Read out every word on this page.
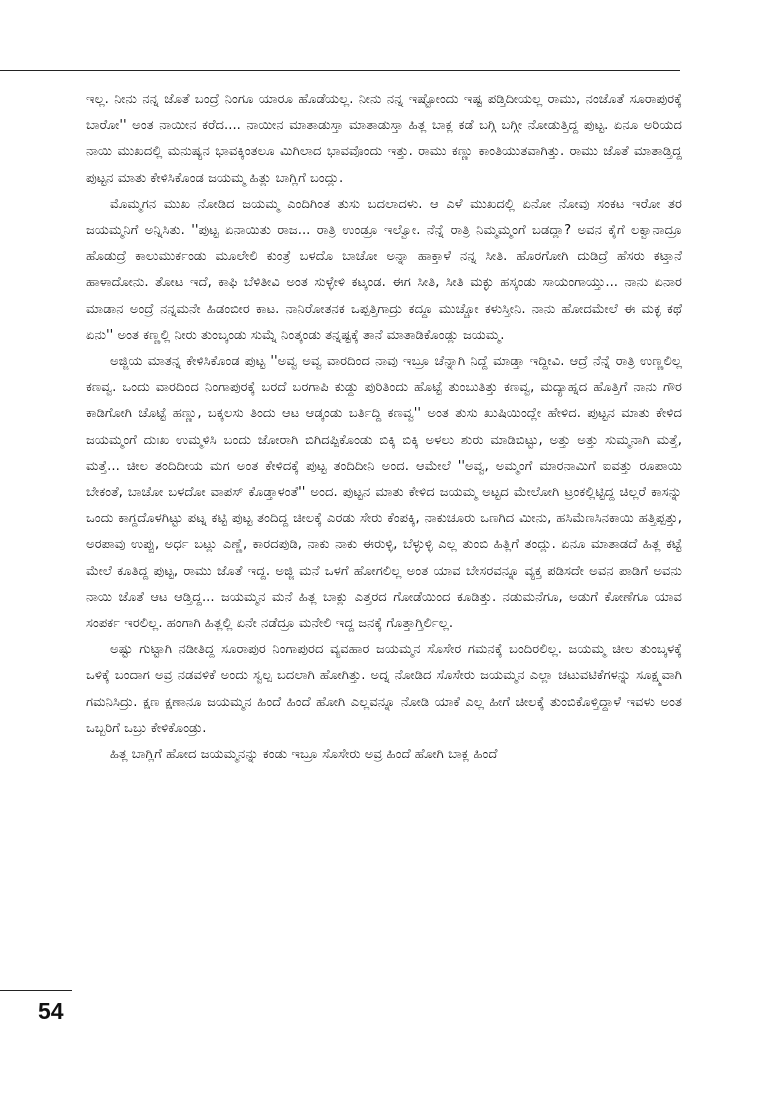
ಇಲ್ಲ. ನೀನು ನನ್ನ ಜೊತೆ ಬಂದ್ರೆ ನಿಂಗೂ ಯಾರೂ ಹೊಡೆಯಲ್ಲ. ನೀನು ನನ್ನ ಇಷ್ಟೋಂದು ಇಷ್ಟ ಪಡ್ತಿದೀಯಲ್ಲ ರಾಮು, ನಂಜೊತೆ ಸೂರಾಪುರಕ್ಕೆ ಬಾರೋ'' ಅಂತ ನಾಯೀನ ಕರೆದ.... ನಾಯೀನ ಮಾತಾಡುಸ್ತಾ ಮಾತಾಡುಸ್ತಾ ಹಿತ್ಲ ಬಾಕ್ಲ ಕಡೆ ಬಗ್ಗಿ ಬಗ್ಗೀ ನೋಡುತ್ತಿದ್ದ ಪುಟ್ಟ. ಏನೂ ಅರಿಯದ ನಾಯಿ ಮುಖದಲ್ಲಿ ಮನುಷ್ಯನ ಭಾವಕ್ಕಿಂತಲೂ ಮಿಗಿಲಾದ ಭಾವವೊಂದು ಇತ್ತು. ರಾಮು ಕಣ್ಣು ಕಾಂತಿಯುತವಾಗಿತ್ತು. ರಾಮು ಜೊತೆ ಮಾತಾಡ್ತಿದ್ದ ಪುಟ್ಟನ ಮಾತು ಕೇಳಿಸಿಕೊಂಡ ಜಯಮ್ಮ ಹಿತ್ಲು ಬಾಗ್ಲಿಗೆ ಬಂದ್ಲು.

ಮೊಮ್ಮಗನ ಮುಖ ನೋಡಿದ ಜಯಮ್ಮ ಎಂದಿಗಿಂತ ತುಸು ಬದಲಾದಳು. ಆ ಎಳೆ ಮುಖದಲ್ಲಿ ಏನೋ ನೋವು ಸಂಕಟ ಇರೋ ತರ ಜಯಮ್ಮನಿಗೆ ಅನ್ನಿಸಿತು. ''ಪುಟ್ಟ ಏನಾಯಿತು ರಾಜ... ರಾತ್ರಿ ಉಂಡ್ರೂ ಇಲ್ವೋ. ನೆನ್ನೆ ರಾತ್ರಿ ನಿಮ್ಮಮ್ಮಂಗೆ ಬಡದ್ಲಾ? ಅವನ ಕೈಗೆ ಲಕ್ವಾನಾದ್ರೂ ಹೊಡುದ್ರೆ ಕಾಲುಮುರ್ಕಂಡು ಮೂಲೇಲಿ ಕುಂತ್ರೆ ಬಳದೊ ಬಾಚೋ ಅನ್ನಾ ಹಾಕ್ತಾಳೆ ನನ್ನ ಸೀತಿ. ಹೊರಗೋಗಿ ದುಡಿದ್ರೆ ಹೆಸರು ಕಟ್ತಾನೆ ಹಾಳಾದೋನು. ತೋಟ ಇದೆ, ಕಾಫಿ ಬೆಳಿತೀವಿ ಅಂತ ಸುಳ್ಳೇಳಿ ಕಟ್ಕಂಡ. ಈಗ ಸೀತಿ, ಸೀತಿ ಮಕ್ಳು ಹಸ್ಕಂಡು ಸಾಯಂಗಾಯ್ತು... ನಾನು ಏನಾರ ಮಾಡಾನ ಅಂದ್ರೆ ನನ್ನಮನೇ ಹಿಡಂಬೀರ ಕಾಟ. ನಾನಿರೋತನಕ ಒಪ್ಪತ್ತಿಗಾದ್ರು ಕದ್ದೂ ಮುಚ್ಚೋ ಕಳುಸ್ತೀನಿ. ನಾನು ಹೋದಮೇಲೆ ಈ ಮಕ್ಳ ಕಥೆ ಏನು'' ಅಂತ ಕಣ್ಣಲ್ಲಿ ನೀರು ತುಂಬ್ಕಂಡು ಸುಮ್ನೆ ನಿಂತ್ಕಂಡು ತನ್ನಷ್ಟಕ್ಕೆ ತಾನೆ ಮಾತಾಡಿಕೊಂಡ್ಲು ಜಯಮ್ಮ.

ಅಜ್ಜಿಯ ಮಾತನ್ನ ಕೇಳಿಸಿಕೊಂಡ ಪುಟ್ಟ ''ಅವ್ವ ಅವ್ವ ವಾರದಿಂದ ನಾವು ಇಬ್ರೂ ಚೆನ್ನಾಗಿ ನಿದ್ದೆ ಮಾಡ್ತಾ ಇದ್ದೀವಿ. ಆದ್ರೆ ನೆನ್ನೆ ರಾತ್ರಿ ಉಣ್ಣಲಿಲ್ಲ ಕಣವ್ವ. ಒಂದು ವಾರದಿಂದ ನಿಂಗಾಪುರಕ್ಕೆ ಬರದೆ ಬರಗಾಪಿ ಕುಡ್ದು ಪುರಿತಿಂದು ಹೊಟ್ಟೆ ತುಂಬುತಿತ್ತು ಕಣವ್ವ, ಮದ್ಯಾಹ್ನದ ಹೊತ್ತಿಗೆ ನಾನು ಗೌರ ಕಾಡಿಗೋಗಿ ಚೊಟ್ಟೆ ಹಣ್ಣು, ಬಕ್ಕಲಸು ತಿಂದು ಆಟ ಆಡ್ಕಂಡು ಬರ್ತಿದ್ದಿ ಕಣವ್ವ'' ಅಂತ ತುಸು ಖುಷಿಯಿಂದ್ಲೇ ಹೇಳಿದ. ಪುಟ್ಟನ ಮಾತು ಕೇಳಿದ ಜಯಮ್ಮಂಗೆ ದುಃಖ ಉಮ್ಮಳಿಸಿ ಬಂದು ಜೋರಾಗಿ ಬಿಗಿದಪ್ಪಿಕೊಂಡು ಬಿಕ್ಕಿ ಬಿಕ್ಕಿ ಅಳಲು ಶುರು ಮಾಡಿಬಿಟ್ಟು, ಅತ್ತು ಅತ್ತು ಸುಮ್ಮನಾಗಿ ಮತ್ತೆ, ಮತ್ತೆ... ಚೀಲ ತಂದಿದೀಯ ಮಗ ಅಂತ ಕೇಳಿದಕ್ಕೆ ಪುಟ್ಟ ತಂದಿದೀನಿ ಅಂದ. ಆಮೇಲೆ ''ಅವ್ವ, ಅಮ್ಮಂಗೆ ಮಾರನಾಮಿಗೆ ಐವತ್ತು ರೂಪಾಯಿ ಬೇಕಂತೆ, ಬಾಚೋ ಬಳದೋ ವಾಪಸ್ ಕೊಡ್ತಾಳಂತೆ'' ಅಂದ. ಪುಟ್ಟನ ಮಾತು ಕೇಳಿದ ಜಯಮ್ಮ ಅಟ್ಟದ ಮೇಲೋಗಿ ಟ್ರಂಕಲ್ಲಿಟ್ಟಿದ್ದ ಚಿಲ್ಲರೆ ಕಾಸನ್ನು ಒಂದು ಕಾಗ್ದದೊಳಗಿಟ್ಟು ಪಟ್ನ ಕಟ್ಟಿ ಪುಟ್ಟ ತಂದಿದ್ದ ಚೀಲಕ್ಕೆ ಎರಡು ಸೇರು ಕೆಂಪಕ್ಕಿ, ನಾಕುಚೂರು ಒಣಗಿದ ಮೀನು, ಹಸಿಮೆಣಸಿನಕಾಯಿ ಹತ್ತಿಪ್ಪತ್ತು, ಅರಪಾವು ಉಪ್ಪು, ಅರ್ಧ ಬಟ್ಲು ಎಣ್ಣೆ, ಕಾರದಪುಡಿ, ನಾಕು ನಾಕು ಈರುಳ್ಳಿ, ಬೆಳ್ಳುಳ್ಳಿ ಎಲ್ಲ ತುಂಬಿ ಹಿತ್ಲಿಗೆ ತಂದ್ಲು. ಏನೂ ಮಾತಾಡದೆ ಹಿತ್ಲ ಕಟ್ಟೆ ಮೇಲೆ ಕೂತಿದ್ದ ಪುಟ್ಟ, ರಾಮು ಜೊತೆ ಇದ್ದ. ಅಜ್ಜಿ ಮನೆ ಒಳಗೆ ಹೋಗಲಿಲ್ಲ ಅಂತ ಯಾವ ಬೇಸರವನ್ನೂ ವ್ಯಕ್ತ ಪಡಿಸದೇ ಅವನ ಪಾಡಿಗೆ ಅವನು ನಾಯಿ ಜೊತೆ ಆಟ ಆಡ್ತಿದ್ದ... ಜಯಮ್ಮನ ಮನೆ ಹಿತ್ಲ ಬಾಕ್ಲು ಎತ್ತರದ ಗೋಡೆಯಿಂದ ಕೂಡಿತ್ತು. ನಡುಮನೆಗೂ, ಅಡುಗೆ ಕೋಣೆಗೂ ಯಾವ ಸಂಪರ್ಕ ಇರಲಿಲ್ಲ. ಹಂಗಾಗಿ ಹಿತ್ಲಲ್ಲಿ ಏನೇ ನಡೆದ್ರೂ ಮನೇಲಿ ಇದ್ದ ಜನಕ್ಕೆ ಗೊತ್ತಾಗ್ತಿರ್ಲಿಲ್ಲ.

ಅಷ್ಟು ಗುಟ್ಟಾಗಿ ನಡೀತಿದ್ದ ಸೂರಾಪುರ ನಿಂಗಾಪುರದ ವ್ಯವಹಾರ ಜಯಮ್ಮನ ಸೊಸೇರ ಗಮನಕ್ಕೆ ಬಂದಿರಲಿಲ್ಲ. ಜಯಮ್ಮ ಚೀಲ ತುಂಬ್ಕಳಕ್ಕೆ ಒಳಿಕ್ಕೆ ಬಂದಾಗ ಅವ್ರ ನಡವಳಿಕೆ ಅಂದು ಸ್ವಲ್ಪ ಬದಲಾಗಿ ಹೋಗಿತ್ತು. ಅದ್ನ ನೋಡಿದ ಸೊಸೇರು ಜಯಮ್ಮನ ಎಲ್ಲಾ ಚಟುವಟಿಕೆಗಳನ್ನು ಸೂಕ್ಷ್ಮವಾಗಿ ಗಮನಿಸಿದ್ರು. ಕ್ಷಣ ಕ್ಷಣಾನೂ ಜಯಮ್ಮನ ಹಿಂದೆ ಹಿಂದೆ ಹೋಗಿ ಎಲ್ಲವನ್ನೂ ನೋಡಿ ಯಾಕೆ ಎಲ್ಲ ಹೀಗೆ ಚೀಲಕ್ಕೆ ತುಂಬಿಕೊಳ್ತಿದ್ದಾಳೆ ಇವಳು ಅಂತ ಒಬ್ಬರಿಗೆ ಒಬ್ರು ಕೇಳಿಕೊಂಡ್ರು.

ಹಿತ್ಲ ಬಾಗ್ಲಿಗೆ ಹೋದ ಜಯಮ್ಮನನ್ನು ಕಂಡು ಇಬ್ರೂ ಸೊಸೇರು ಅವ್ರ ಹಿಂದೆ ಹೋಗಿ ಬಾಕ್ಲ ಹಿಂದೆ

54
